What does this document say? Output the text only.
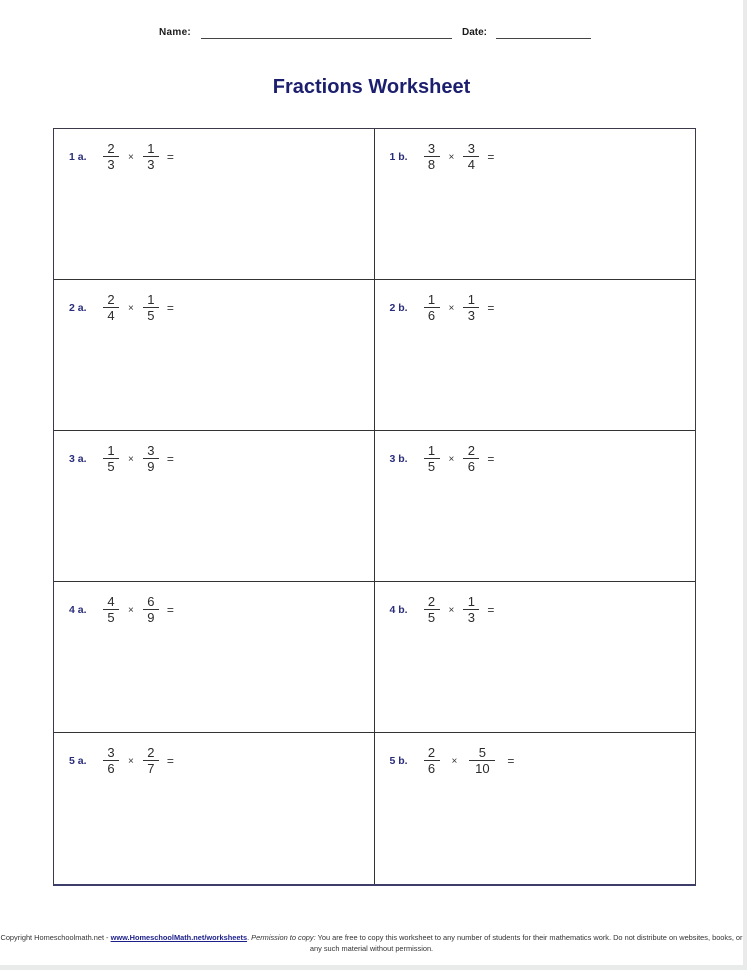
Name:	Date:
Fractions Worksheet
1 a.	$\frac{2}{3} \times \frac{1}{3}$ =	1 b.	$\frac{3}{8} \times \frac{3}{4}$ =
2 a.	$\frac{2}{4} \times \frac{1}{5}$ =	2 b.	$\frac{1}{6} \times \frac{1}{3}$ =
3 a.	$\frac{1}{5} \times \frac{3}{9}$ =	3 b.	$\frac{1}{5} \times \frac{2}{6}$ =
4 a.	$\frac{4}{5} \times \frac{6}{9}$ =	4 b.	$\frac{2}{5} \times \frac{1}{3}$ =
5 a.	$\frac{3}{6} \times \frac{2}{7}$ =	5 b.	$\frac{2}{6} \times \frac{5}{10}$ =
Copyright Homeschoolmath.net - www.HomeschoolMath.net/worksheets. Permission to copy: You are free to copy this worksheet to any number of students for their mathematics work. Do not distribute on websites, books, or any such material without permission.
